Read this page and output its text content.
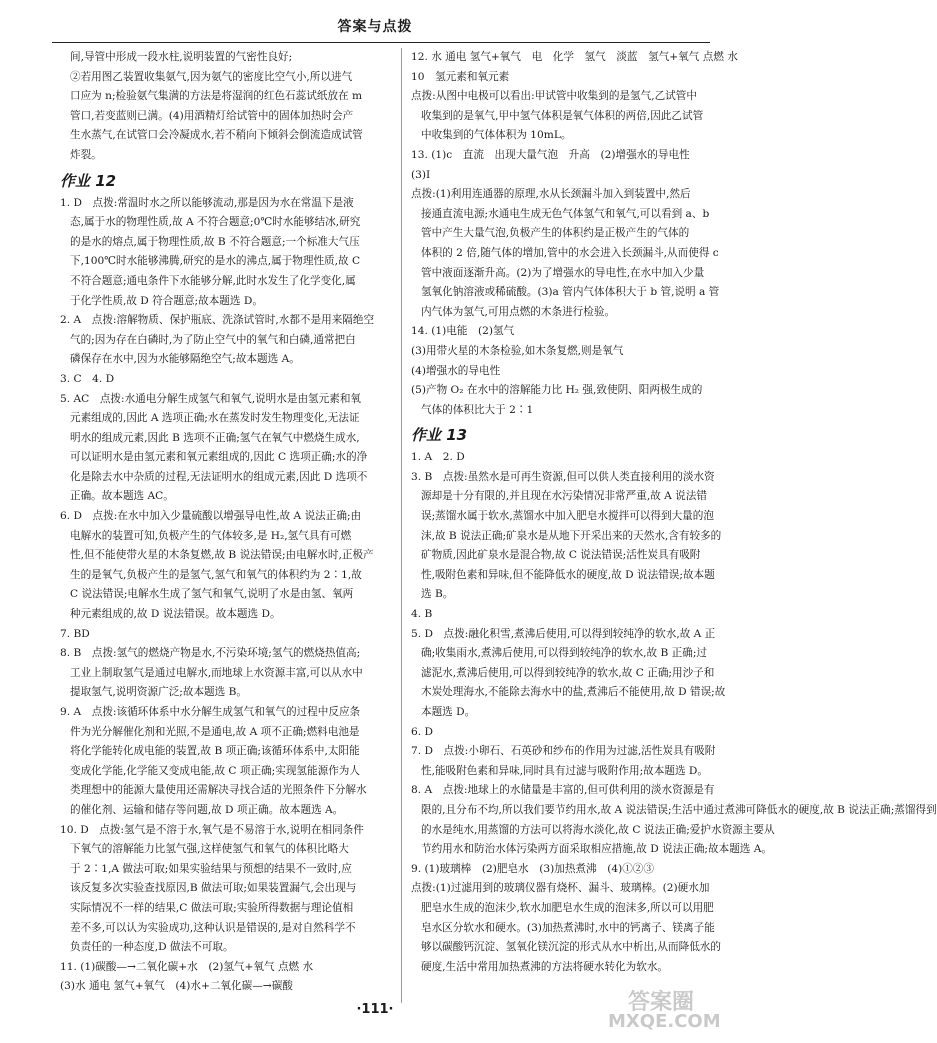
答案与点拨
间,导管中形成一段水柱,说明装置的气密性良好;
②若用图乙装置收集氨气,因为氨气的密度比空气小,所以进气
口应为 n;检验氨气集满的方法是将湿润的红色石蕊试纸放在 m
管口,若变蓝则已满。(4)用酒精灯给试管中的固体加热时会产
生水蒸气,在试管口会冷凝成水,若不稍向下倾斜会倒流造成试管
炸裂。
作业 12
1. D　点拨:常温时水之所以能够流动,那是因为水在常温下是液
态,属于水的物理性质,故 A 不符合题意;0℃时水能够结冰,研究
的是水的熔点,属于物理性质,故 B 不符合题意;一个标准大气压
下,100℃时水能够沸腾,研究的是水的沸点,属于物理性质,故 C
不符合题意;通电条件下水能够分解,此时水发生了化学变化,属
于化学性质,故 D 符合题意;故本题选 D。
2. A　点拨:溶解物质、保护瓶底、洗涤试管时,水都不是用来隔绝空
气的;因为存在白磷时,为了防止空气中的氧气和白磷,通常把白
磷保存在水中,因为水能够隔绝空气;故本题选 A。
3. C　4. D
5. AC　点拨:水通电分解生成氢气和氧气,说明水是由氢元素和氧
元素组成的,因此 A 选项正确;水在蒸发时发生物理变化,无法证
明水的组成元素,因此 B 选项不正确;氢气在氧气中燃烧生成水,
可以证明水是由氢元素和氧元素组成的,因此 C 选项正确;水的净
化是除去水中杂质的过程,无法证明水的组成元素,因此 D 选项不
正确。故本题选 AC。
6. D　点拨:在水中加入少量硫酸以增强导电性,故 A 说法正确;由
电解水的装置可知,负极产生的气体较多,是 H₂,氢气具有可燃
性,但不能使带火星的木条复燃,故 B 说法错误;由电解水时,正极产
生的是氧气,负极产生的是氢气,氢气和氧气的体积约为 2∶1,故
C 说法错误;电解水生成了氢气和氧气,说明了水是由氢、氧两
种元素组成的,故 D 说法错误。故本题选 D。
7. BD
8. B　点拨:氢气的燃烧产物是水,不污染环境;氢气的燃烧热值高;
工业上制取氢气是通过电解水,而地球上水资源丰富,可以从水中
提取氢气,说明资源广泛;故本题选 B。
9. A　点拨:该循环体系中水分解生成氢气和氧气的过程中反应条
件为光分解催化剂和光照,不是通电,故 A 项不正确;燃料电池是
将化学能转化成电能的装置,故 B 项正确;该循环体系中,太阳能
变成化学能,化学能又变成电能,故 C 项正确;实现氢能源作为人
类理想中的能源大量使用还需解决寻找合适的光照条件下分解水
的催化剂、运输和储存等问题,故 D 项正确。故本题选 A。
10. D　点拨:氢气是不溶于水,氧气是不易溶于水,说明在相同条件
下氧气的溶解能力比氢气强,这样使氢气和氧气的体积比略大
于 2∶1,A 做法可取;如果实验结果与预想的结果不一致时,应
该反复多次实验查找原因,B 做法可取;如果装置漏气,会出现与
实际情况不一样的结果,C 做法可取;实验所得数据与理论值相
差不多,可以认为实验成功,这种认识是错误的,是对自然科学不
负责任的一种态度,D 做法不可取。
11. (1)碳酸—→二氧化碳+水　(2)氢气+氧气 点燃 水
(3)水 通电 氢气+氧气　(4)水+二氧化碳—→碳酸
12. 水 通电 氢气+氧气　电　化学　氢气　淡蓝　氢气+氧气 点燃 水
10　氢元素和氧元素
点拨:从图中电极可以看出:甲试管中收集到的是氢气,乙试管中
收集到的是氧气,甲中氢气体积是氧气体积的两倍,因此乙试管
中收集到的气体体积为 10mL。
13. (1)c　直流　出现大量气泡　升高　(2)增强水的导电性
(3)Ⅰ
点拨:(1)利用连通器的原理,水从长颈漏斗加入到装置中,然后
接通直流电源;水通电生成无色气体氢气和氧气,可以看到 a、b
管中产生大量气泡,负极产生的体积约是正极产生的气体的
体积的 2 倍,随气体的增加,管中的水会进入长颈漏斗,从而使得 c
管中液面逐渐升高。(2)为了增强水的导电性,在水中加入少量
氢氧化钠溶液或稀硫酸。(3)a 管内气体体积大于 b 管,说明 a 管
内气体为氢气,可用点燃的木条进行检验。
14. (1)电能　(2)氢气
(3)用带火星的木条检验,如木条复燃,则是氧气
(4)增强水的导电性
(5)产物 O₂ 在水中的溶解能力比 H₂ 强,致使阴、阳两极生成的
气体的体积比大于 2∶1
作业 13
1. A　2. D
3. B　点拨:虽然水是可再生资源,但可以供人类直接利用的淡水资
源却是十分有限的,并且现在水污染情况非常严重,故 A 说法错
误;蒸馏水属于软水,蒸馏水中加入肥皂水搅拌可以得到大量的泡
沫,故 B 说法正确;矿泉水是从地下开采出来的天然水,含有较多的
矿物质,因此矿泉水是混合物,故 C 说法错误;活性炭具有吸附
性,吸附色素和异味,但不能降低水的硬度,故 D 说法错误;故本题
选 B。
4. B
5. D　点拨:融化积雪,煮沸后使用,可以得到较纯净的软水,故 A 正
确;收集雨水,煮沸后使用,可以得到较纯净的软水,故 B 正确;过
滤泥水,煮沸后使用,可以得到较纯净的软水,故 C 正确;用沙子和
木炭处理海水,不能除去海水中的盐,煮沸后不能使用,故 D 错误;故
本题选 D。
6. D
7. D　点拨:小卵石、石英砂和纱布的作用为过滤,活性炭具有吸附
性,能吸附色素和异味,同时具有过滤与吸附作用;故本题选 D。
8. A　点拨:地球上的水储量是丰富的,但可供利用的淡水资源是有
限的,且分布不均,所以我们要节约用水,故 A 说法错误;生活中通过煮沸可降低水的硬度,故 B 说法正确;蒸馏得到
的水是纯水,用蒸馏的方法可以将海水淡化,故 C 说法正确;爱护水资源主要从
节约用水和防治水体污染两方面采取相应措施,故 D 说法正确;故本题选 A。
9. (1)玻璃棒　(2)肥皂水　(3)加热煮沸　(4)①②③
点拨:(1)过滤用到的玻璃仪器有烧杯、漏斗、玻璃棒。(2)硬水加
肥皂水生成的泡沫少,软水加肥皂水生成的泡沫多,所以可以用肥
皂水区分软水和硬水。(3)加热煮沸时,水中的钙离子、镁离子能
够以碳酸钙沉淀、氢氧化镁沉淀的形式从水中析出,从而降低水的
硬度,生活中常用加热煮沸的方法将硬水转化为软水。
·111·	答案圈
MXQE.COM
